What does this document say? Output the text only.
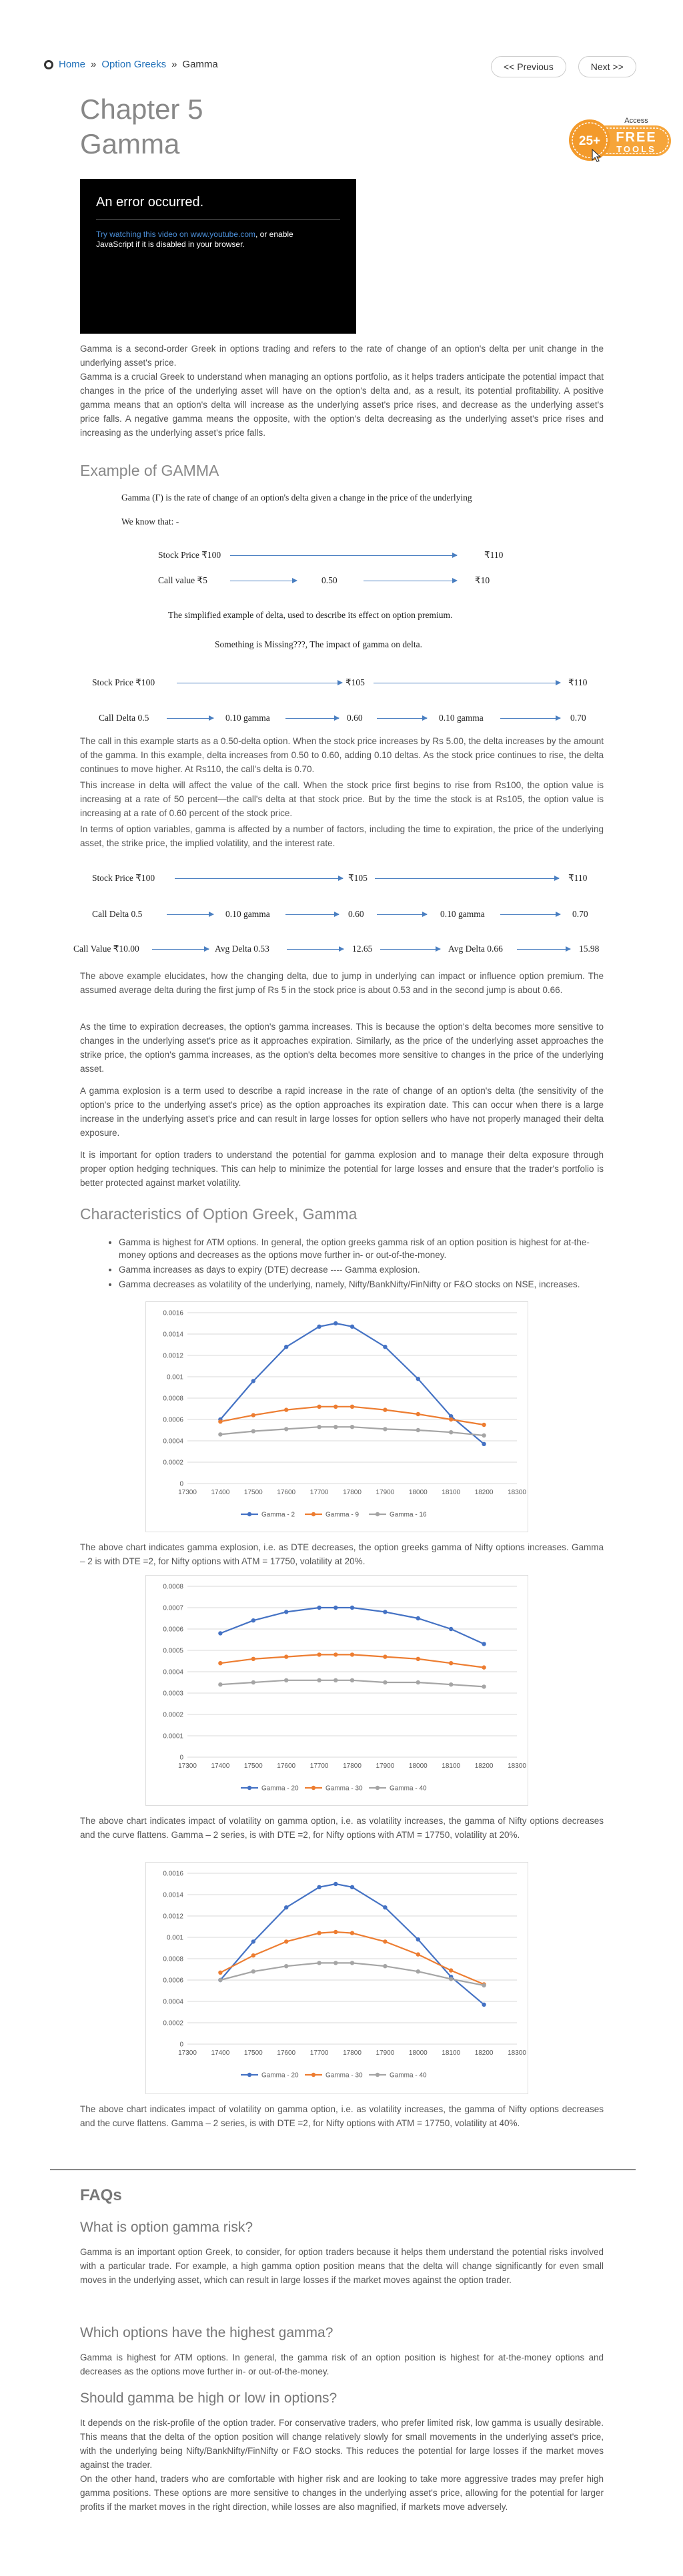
Home » Option Greeks » Gamma	<< Previous	Next >>
Chapter 5
Gamma	25+
Access
FREE
TOOLS
An error occurred.
Try watching this video on www.youtube.com, or enable
JavaScript if it is disabled in your browser.

Gamma is a second-order Greek in options trading and refers to the rate of change of an option's delta per unit change in the underlying asset's price.

Gamma is a crucial Greek to understand when managing an options portfolio, as it helps traders anticipate the potential impact that changes in the price of the underlying asset will have on the option's delta and, as a result, its potential profitability. A positive gamma means that an option's delta will increase as the underlying asset's price rises, and decrease as the underlying asset's price falls. A negative gamma means the opposite, with the option's delta decreasing as the underlying asset's price rises and increasing as the underlying asset's price falls.

Example of GAMMA
Gamma (Γ) is the rate of change of an option's delta given a change in the price of the underlying
We know that: -
Stock Price ₹100	₹110
Call value ₹5	0.50	₹10
The simplified example of delta, used to describe its effect on option premium.
Something is Missing???, The impact of gamma on delta.
Stock Price ₹100	₹105	₹110
Call Delta 0.5	0.10 gamma	0.60	0.10 gamma	0.70

The call in this example starts as a 0.50-delta option. When the stock price increases by Rs 5.00, the delta increases by the amount of the gamma. In this example, delta increases from 0.50 to 0.60, adding 0.10 deltas. As the stock price continues to rise, the delta continues to move higher. At Rs110, the call's delta is 0.70.

This increase in delta will affect the value of the call. When the stock price first begins to rise from Rs100, the option value is increasing at a rate of 50 percent—the call's delta at that stock price. But by the time the stock is at Rs105, the option value is increasing at a rate of 0.60 percent of the stock price.

In terms of option variables, gamma is affected by a number of factors, including the time to expiration, the price of the underlying asset, the strike price, the implied volatility, and the interest rate.

Stock Price ₹100	₹105	₹110
Call Delta 0.5	0.10 gamma	0.60	0.10 gamma	0.70
Call Value ₹10.00	Avg Delta 0.53	12.65	Avg Delta 0.66	15.98

The above example elucidates, how the changing delta, due to jump in underlying can impact or influence option premium. The assumed average delta during the first jump of Rs 5 in the stock price is about 0.53 and in the second jump is about 0.66.

As the time to expiration decreases, the option's gamma increases. This is because the option's delta becomes more sensitive to changes in the underlying asset's price as it approaches expiration. Similarly, as the price of the underlying asset approaches the strike price, the option's gamma increases, as the option's delta becomes more sensitive to changes in the price of the underlying asset.

A gamma explosion is a term used to describe a rapid increase in the rate of change of an option's delta (the sensitivity of the option's price to the underlying asset's price) as the option approaches its expiration date. This can occur when there is a large increase in the underlying asset's price and can result in large losses for option sellers who have not properly managed their delta exposure.

It is important for option traders to understand the potential for gamma explosion and to manage their delta exposure through proper option hedging techniques. This can help to minimize the potential for large losses and ensure that the trader's portfolio is better protected against market volatility.

Characteristics of Option Greek, Gamma
• Gamma is highest for ATM options. In general, the option greeks gamma risk of an option position is highest for at-the-money options and decreases as the options move further in- or out-of-the-money.
• Gamma increases as days to expiry (DTE) decrease ---- Gamma explosion.
• Gamma decreases as volatility of the underlying, namely, Nifty/BankNifty/FinNifty or F&O stocks on NSE, increases.
0
0.0002
0.0004
0.0006
0.0008
0.001
0.0012
0.0014
0.0016
17300 17400 17500 17600 17700 17800 17900 18000 18100 18200 18300
Gamma - 2	Gamma - 9	Gamma - 16

The above chart indicates gamma explosion, i.e. as DTE decreases, the option greeks gamma of Nifty options increases. Gamma – 2 is with DTE =2, for Nifty options with ATM = 17750, volatility at 20%.

0
0.0001
0.0002
0.0003
0.0004
0.0005
0.0006
0.0007
0.0008
17300 17400 17500 17600 17700 17800 17900 18000 18100 18200 18300
Gamma - 20	Gamma - 30	Gamma - 40

The above chart indicates impact of volatility on gamma option, i.e. as volatility increases, the gamma of Nifty options decreases and the curve flattens. Gamma – 2 series, is with DTE =2, for Nifty options with ATM = 17750, volatility at 20%.

0
0.0002
0.0004
0.0006
0.0008
0.001
0.0012
0.0014
0.0016
17300 17400 17500 17600 17700 17800 17900 18000 18100 18200 18300
Gamma - 20	Gamma - 30	Gamma - 40

The above chart indicates impact of volatility on gamma option, i.e. as volatility increases, the gamma of Nifty options decreases and the curve flattens. Gamma – 2 series, is with DTE =2, for Nifty options with ATM = 17750, volatility at 40%.

FAQs
What is option gamma risk?

Gamma is an important option Greek, to consider, for option traders because it helps them understand the potential risks involved with a particular trade. For example, a high gamma option position means that the delta will change significantly for even small moves in the underlying asset, which can result in large losses if the market moves against the option trader.

Which options have the highest gamma?

Gamma is highest for ATM options. In general, the gamma risk of an option position is highest for at-the-money options and decreases as the options move further in- or out-of-the-money.

Should gamma be high or low in options?

It depends on the risk-profile of the option trader. For conservative traders, who prefer limited risk, low gamma is usually desirable. This means that the delta of the option position will change relatively slowly for small movements in the underlying asset's price, with the underlying being Nifty/BankNifty/FinNifty or F&O stocks. This reduces the potential for large losses if the market moves against the trader.

On the other hand, traders who are comfortable with higher risk and are looking to take more aggressive trades may prefer high gamma positions. These options are more sensitive to changes in the underlying asset's price, allowing for the potential for larger profits if the market moves in the right direction, while losses are also magnified, if markets move adversely.
